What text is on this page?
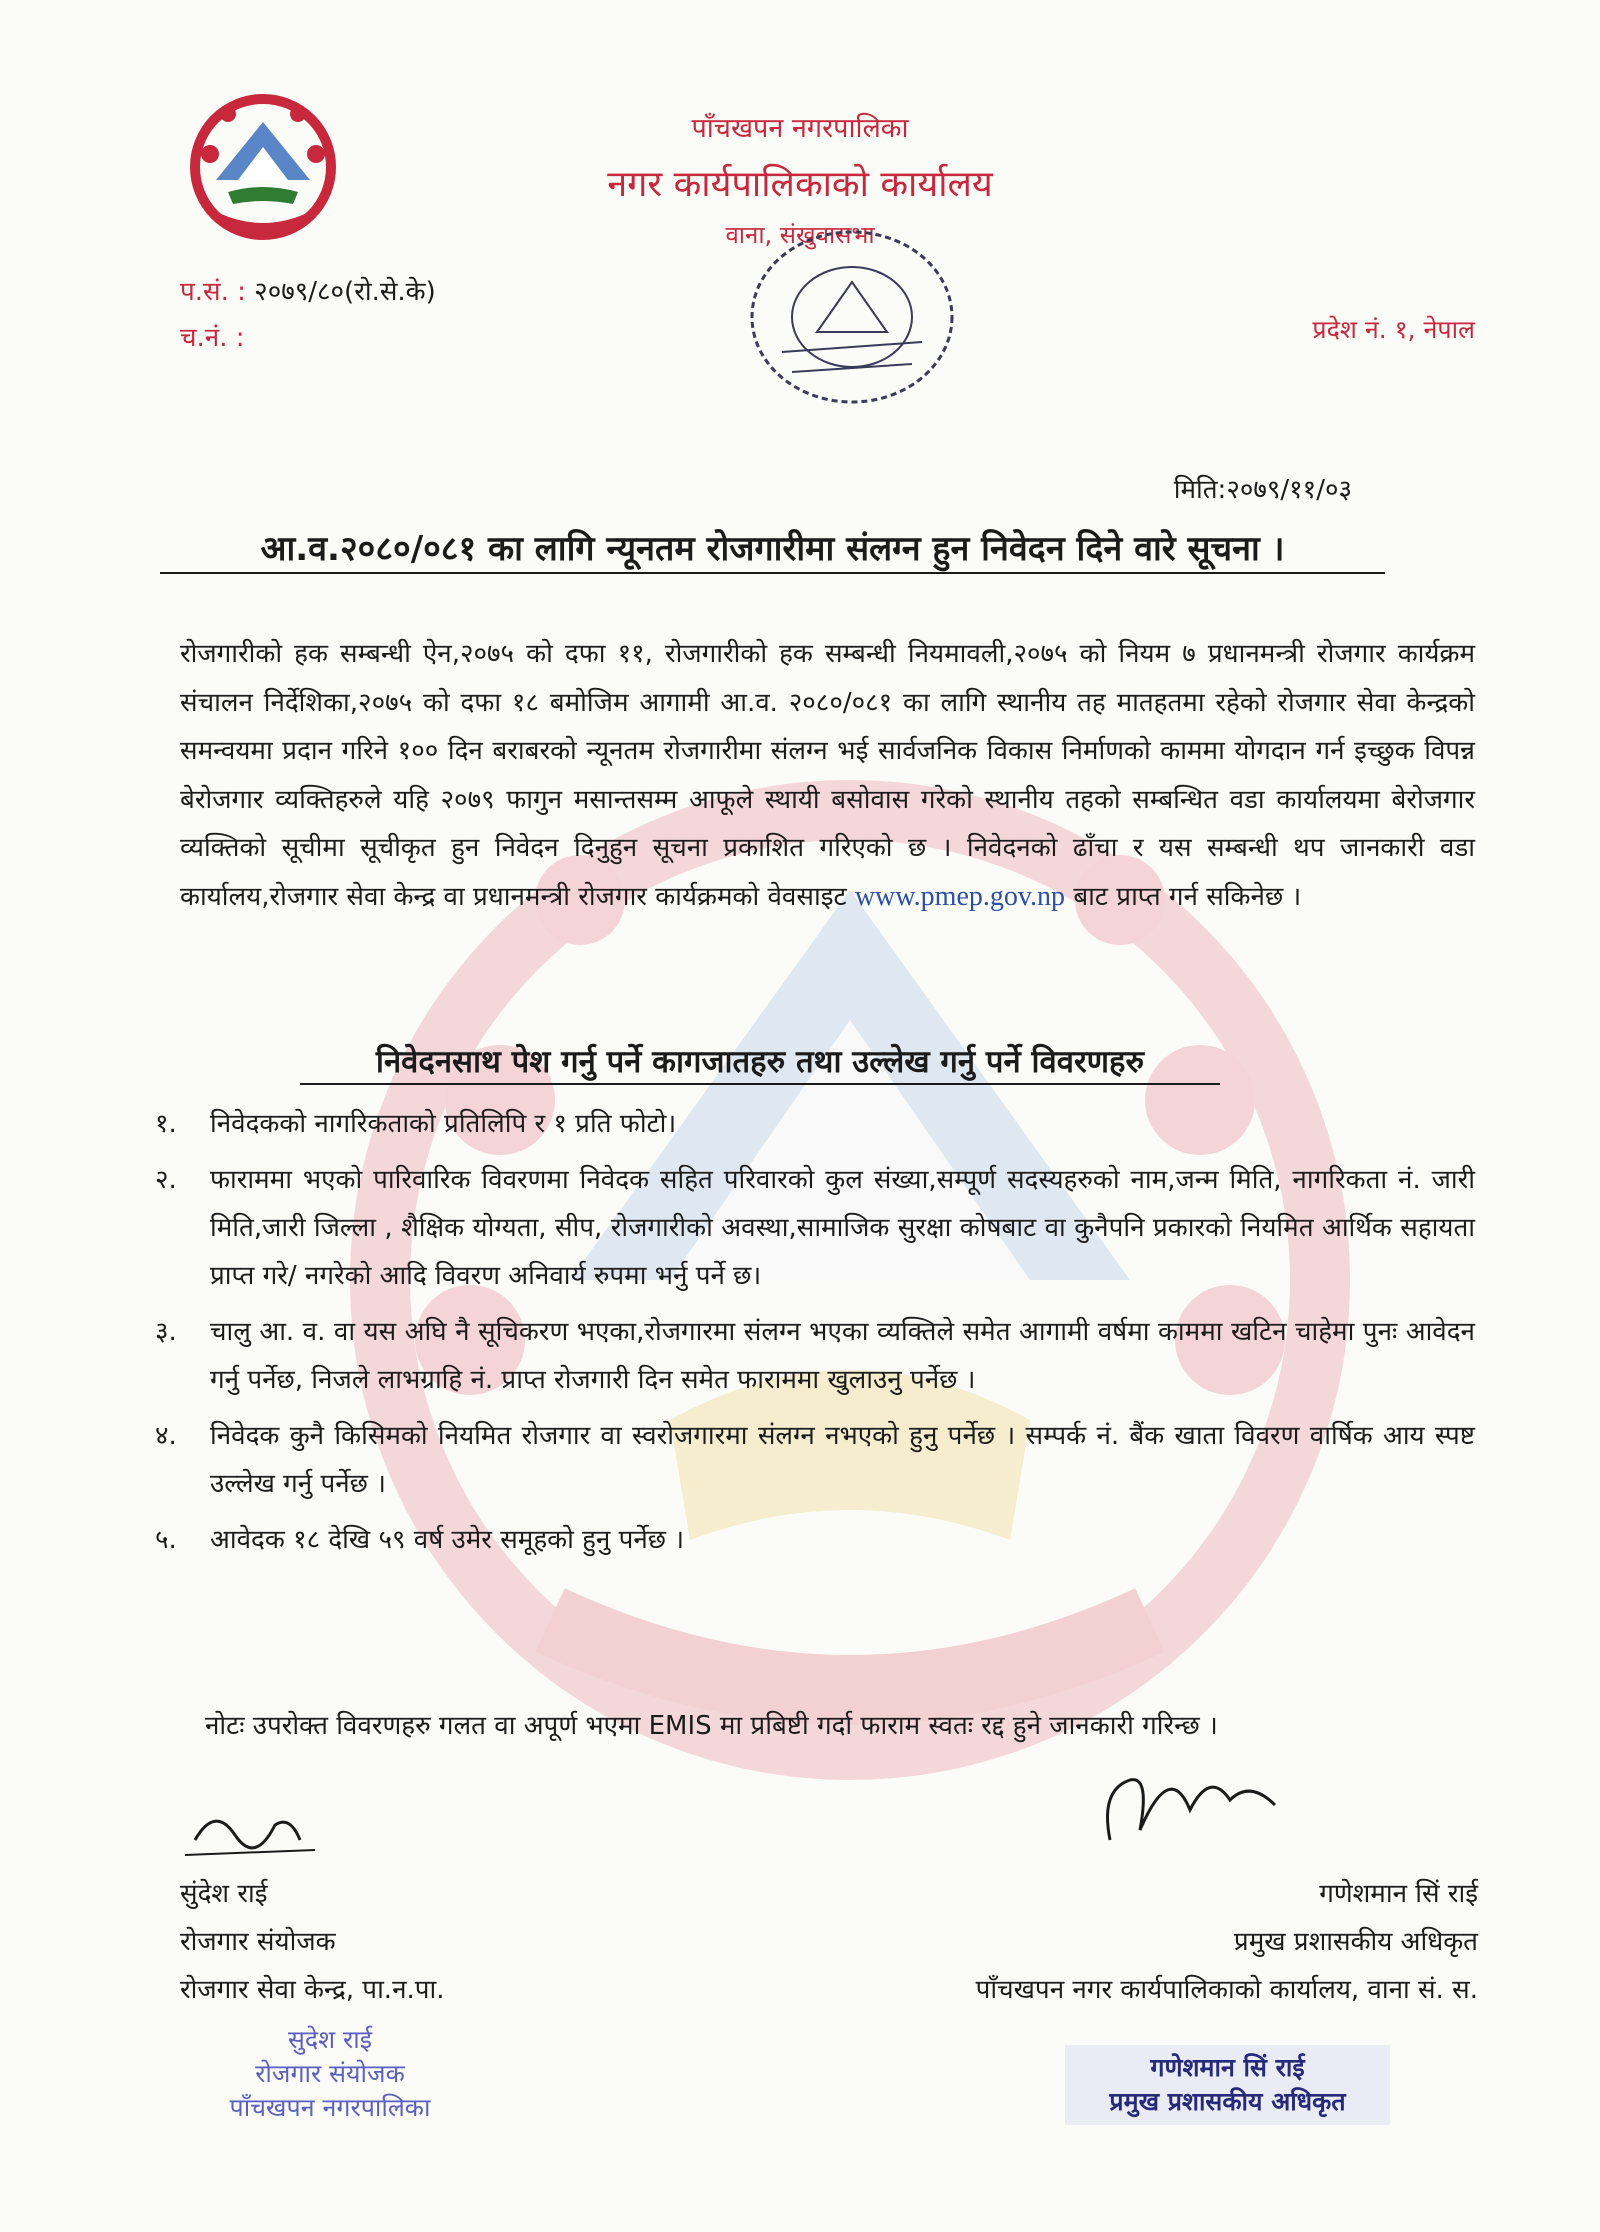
पाँचखपन नगरपालिका
नगर कार्यपालिकाको कार्यालय
वाना, संखुवासभा
प.सं. : २०७९/८०(रो.से.के)
च.नं. :	प्रदेश नं. १, नेपाल
मिति:२०७९/११/०३
आ.व.२०८०/०८१ का लागि न्यूनतम रोजगारीमा संलग्न हुन निवेदन दिने वारे सूचना ।
रोजगारीको हक सम्बन्धी ऐन,२०७५ को दफा ११, रोजगारीको हक सम्बन्धी नियमावली,२०७५ को नियम ७ प्रधानमन्त्री रोजगार कार्यक्रम संचालन निर्देशिका,२०७५ को दफा १८ बमोजिम आगामी आ.व. २०८०/०८१ का लागि स्थानीय तह मातहतमा रहेको रोजगार सेवा केन्द्रको समन्वयमा प्रदान गरिने १०० दिन बराबरको न्यूनतम रोजगारीमा संलग्न भई सार्वजनिक विकास निर्माणको काममा योगदान गर्न इच्छुक विपन्न बेरोजगार व्यक्तिहरुले यहि २०७९ फागुन मसान्तसम्म आफूले स्थायी बसोवास गरेको स्थानीय तहको सम्बन्धित वडा कार्यालयमा बेरोजगार व्यक्तिको सूचीमा सूचीकृत हुन निवेदन दिनुहुन सूचना प्रकाशित गरिएको छ । निवेदनको ढाँचा र यस सम्बन्धी थप जानकारी वडा कार्यालय,रोजगार सेवा केन्द्र वा प्रधानमन्त्री रोजगार कार्यक्रमको वेवसाइट www.pmep.gov.np बाट प्राप्त गर्न सकिनेछ ।
निवेदनसाथ पेश गर्नु पर्ने कागजातहरु तथा उल्लेख गर्नु पर्ने विवरणहरु
१. निवेदकको नागरिकताको प्रतिलिपि र १ प्रति फोटो।
२. फाराममा भएको पारिवारिक विवरणमा निवेदक सहित परिवारको कुल संख्या,सम्पूर्ण सदस्यहरुको नाम,जन्म मिति, नागरिकता नं. जारी मिति,जारी जिल्ला , शैक्षिक योग्यता, सीप, रोजगारीको अवस्था,सामाजिक सुरक्षा कोषबाट वा कुनैपनि प्रकारको नियमित आर्थिक सहायता प्राप्त गरे/ नगरेको आदि विवरण अनिवार्य रुपमा भर्नु पर्ने छ।
३. चालु आ. व. वा यस अघि नै सूचिकरण भएका,रोजगारमा संलग्न भएका व्यक्तिले समेत आगामी वर्षमा काममा खटिन चाहेमा पुनः आवेदन गर्नु पर्नेछ, निजले लाभग्राहि नं. प्राप्त रोजगारी दिन समेत फाराममा खुलाउनु पर्नेछ ।
४. निवेदक कुनै किसिमको नियमित रोजगार वा स्वरोजगारमा संलग्न नभएको हुनु पर्नेछ । सम्पर्क नं. बैंक खाता विवरण वार्षिक आय स्पष्ट उल्लेख गर्नु पर्नेछ ।
५. आवेदक १८ देखि ५९ वर्ष उमेर समूहको हुनु पर्नेछ ।
नोटः उपरोक्त विवरणहरु गलत वा अपूर्ण भएमा EMIS मा प्रबिष्टी गर्दा फाराम स्वतः रद्द हुने जानकारी गरिन्छ ।
सुंदेश राई
रोजगार संयोजक
रोजगार सेवा केन्द्र, पा.न.पा.
गणेशमान सिं राई
प्रमुख प्रशासकीय अधिकृत
पाँचखपन नगर कार्यपालिकाको कार्यालय, वाना सं. स.
सुदेश राई
रोजगार संयोजक
पाँचखपन नगरपालिका
गणेशमान सिं राई
प्रमुख प्रशासकीय अधिकृत
